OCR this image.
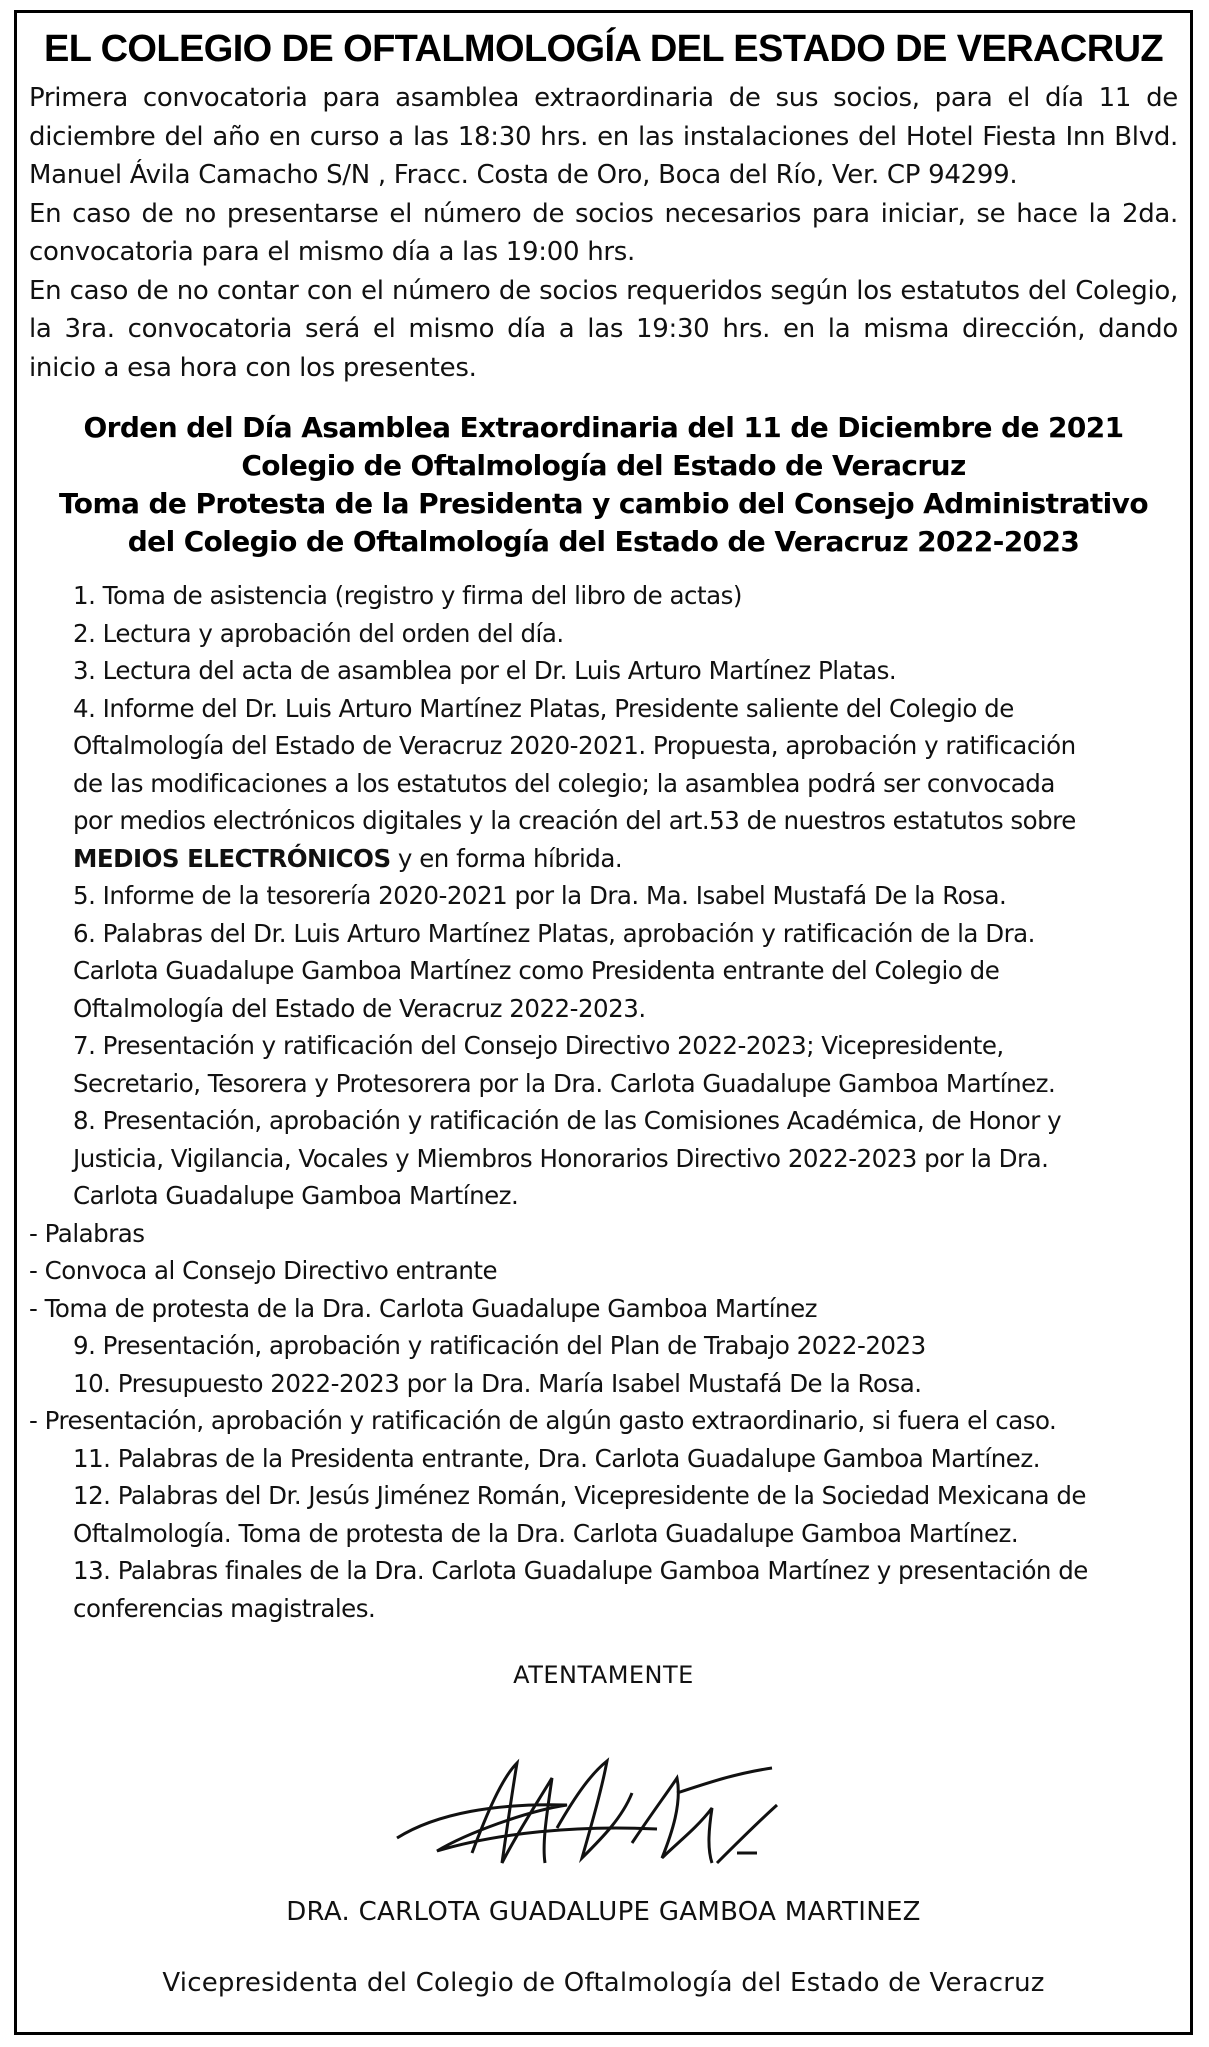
EL COLEGIO DE OFTALMOLOGÍA DEL ESTADO DE VERACRUZ

Primera convocatoria para asamblea extraordinaria de sus socios, para el día 11 de diciembre del año en curso a las 18:30 hrs. en las instalaciones del Hotel Fiesta Inn Blvd. Manuel Ávila Camacho S/N , Fracc. Costa de Oro, Boca del Río, Ver. CP 94299.

En caso de no presentarse el número de socios necesarios para iniciar, se hace la 2da. convocatoria para el mismo día a las 19:00 hrs.

En caso de no contar con el número de socios requeridos según los estatutos del Colegio, la 3ra. convocatoria será el mismo día a las 19:30 hrs. en la misma dirección, dando inicio a esa hora con los presentes.

Orden del Día Asamblea Extraordinaria del 11 de Diciembre de 2021
Colegio de Oftalmología del Estado de Veracruz
Toma de Protesta de la Presidenta y cambio del Consejo Administrativo
del Colegio de Oftalmología del Estado de Veracruz 2022-2023
1. Toma de asistencia (registro y firma del libro de actas)
2. Lectura y aprobación del orden del día.
3. Lectura del acta de asamblea por el Dr. Luis Arturo Martínez Platas.
4. Informe del Dr. Luis Arturo Martínez Platas, Presidente saliente del Colegio de
Oftalmología del Estado de Veracruz 2020-2021. Propuesta, aprobación y ratificación
de las modificaciones a los estatutos del colegio; la asamblea podrá ser convocada
por medios electrónicos digitales y la creación del art.53 de nuestros estatutos sobre
MEDIOS ELECTRÓNICOS y en forma híbrida.
5. Informe de la tesorería 2020-2021 por la Dra. Ma. Isabel Mustafá De la Rosa.
6. Palabras del Dr. Luis Arturo Martínez Platas, aprobación y ratificación de la Dra.
Carlota Guadalupe Gamboa Martínez como Presidenta entrante del Colegio de
Oftalmología del Estado de Veracruz 2022-2023.
7. Presentación y ratificación del Consejo Directivo 2022-2023; Vicepresidente,
Secretario, Tesorera y Protesorera por la Dra. Carlota Guadalupe Gamboa Martínez.
8. Presentación, aprobación y ratificación de las Comisiones Académica, de Honor y
Justicia, Vigilancia, Vocales y Miembros Honorarios Directivo 2022-2023 por la Dra.
Carlota Guadalupe Gamboa Martínez.
- Palabras
- Convoca al Consejo Directivo entrante
- Toma de protesta de la Dra. Carlota Guadalupe Gamboa Martínez
9. Presentación, aprobación y ratificación del Plan de Trabajo 2022-2023
10. Presupuesto 2022-2023 por la Dra. María Isabel Mustafá De la Rosa.
- Presentación, aprobación y ratificación de algún gasto extraordinario, si fuera el caso.
11. Palabras de la Presidenta entrante, Dra. Carlota Guadalupe Gamboa Martínez.
12. Palabras del Dr. Jesús Jiménez Román, Vicepresidente de la Sociedad Mexicana de
Oftalmología. Toma de protesta de la Dra. Carlota Guadalupe Gamboa Martínez.
13. Palabras finales de la Dra. Carlota Guadalupe Gamboa Martínez y presentación de
conferencias magistrales.
ATENTAMENTE
DRA. CARLOTA GUADALUPE GAMBOA MARTINEZ
Vicepresidenta del Colegio de Oftalmología del Estado de Veracruz
